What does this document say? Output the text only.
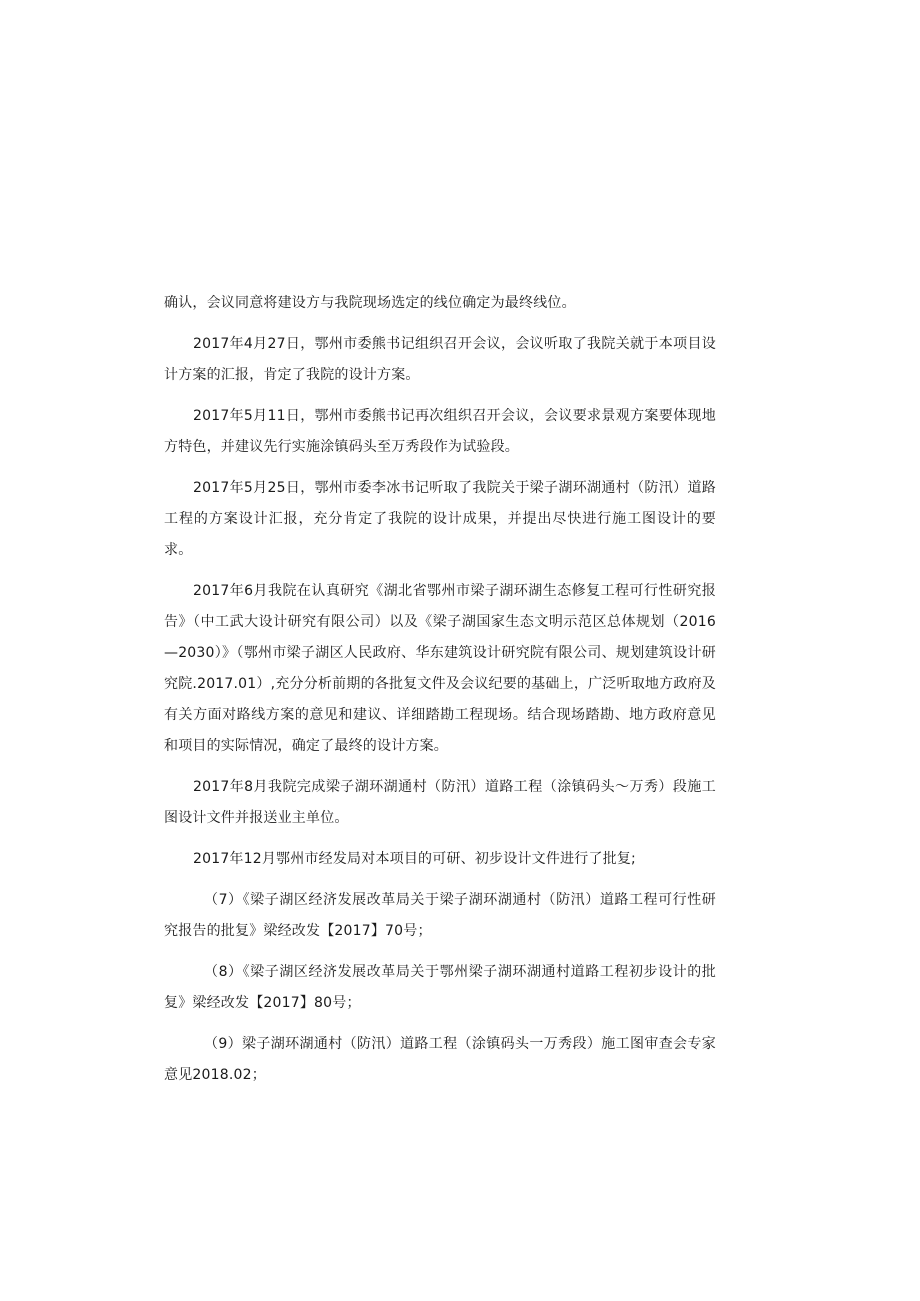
确认，会议同意将建设方与我院现场选定的线位确定为最终线位。

2017年4月27日，鄂州市委熊书记组织召开会议，会议听取了我院关就于本项目设计方案的汇报，肯定了我院的设计方案。

2017年5月11日，鄂州市委熊书记再次组织召开会议，会议要求景观方案要体现地方特色，并建议先行实施涂镇码头至万秀段作为试验段。

2017年5月25日，鄂州市委李冰书记听取了我院关于梁子湖环湖通村（防汛）道路工程的方案设计汇报，充分肯定了我院的设计成果，并提出尽快进行施工图设计的要求。

2017年6月我院在认真研究《湖北省鄂州市梁子湖环湖生态修复工程可行性研究报告》（中工武大设计研究有限公司）以及《梁子湖国家生态文明示范区总体规划（2016—2030）》（鄂州市梁子湖区人民政府、华东建筑设计研究院有限公司、规划建筑设计研究院.2017.01）,充分分析前期的各批复文件及会议纪要的基础上，广泛听取地方政府及有关方面对路线方案的意见和建议、详细踏勘工程现场。结合现场踏勘、地方政府意见和项目的实际情况，确定了最终的设计方案。

2017年8月我院完成梁子湖环湖通村（防汛）道路工程（涂镇码头～万秀）段施工图设计文件并报送业主单位。

2017年12月鄂州市经发局对本项目的可研、初步设计文件进行了批复;

（7）《梁子湖区经济发展改革局关于梁子湖环湖通村（防汛）道路工程可行性研究报告的批复》梁经改发【2017】70号；

（8）《梁子湖区经济发展改革局关于鄂州梁子湖环湖通村道路工程初步设计的批复》梁经改发【2017】80号；

（9）梁子湖环湖通村（防汛）道路工程（涂镇码头一万秀段）施工图审查会专家意见2018.02；
